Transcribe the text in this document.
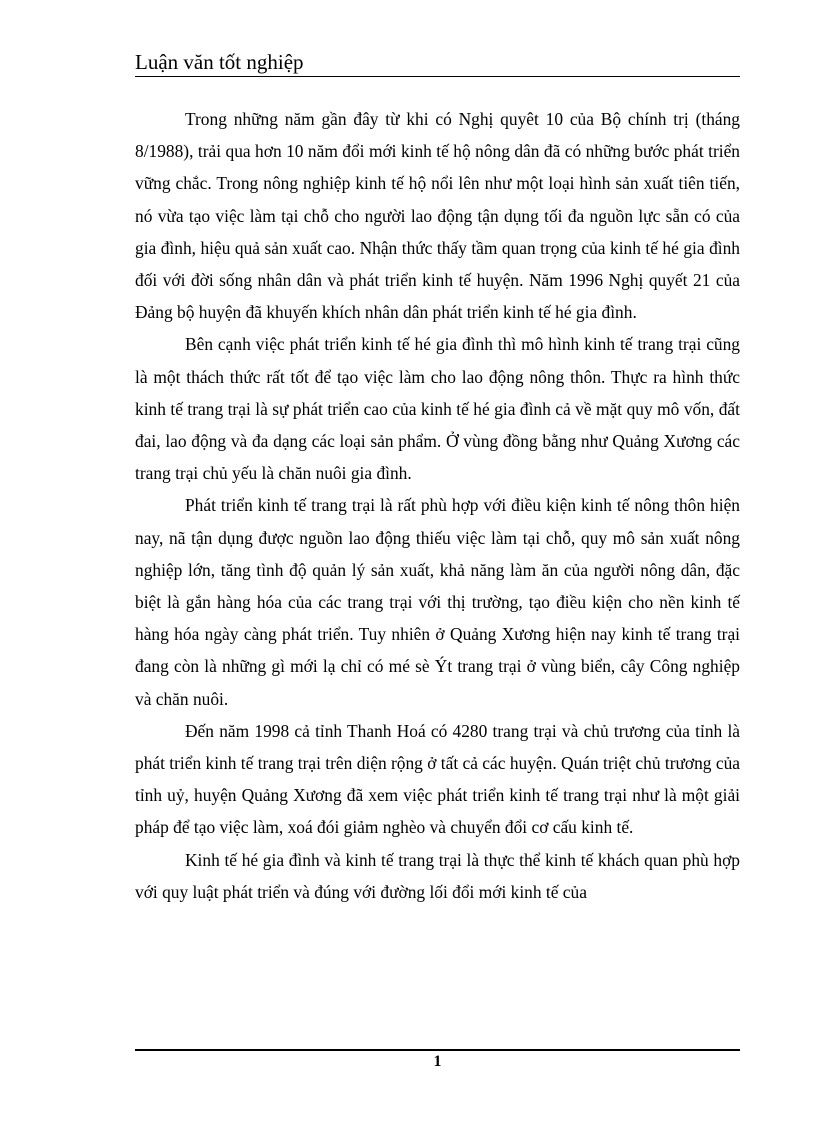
Luận văn tốt nghiệp

Trong những năm gần đây từ khi có Nghị quyêt 10 của Bộ chính trị (tháng 8/1988), trải qua hơn 10 năm đổi mới kinh tế hộ nông dân đã có những bước phát triển vững chắc. Trong nông nghiệp kinh tế hộ nổi lên như một loại hình sản xuất tiên tiến, nó vừa tạo việc làm tại chỗ cho người lao động tận dụng tối đa nguồn lực sẵn có của gia đình, hiệu quả sản xuất cao. Nhận thức thấy tầm quan trọng của kinh tế hé gia đình đối với đời sống nhân dân và phát triển kinh tế huyện. Năm 1996 Nghị quyết 21 của Đảng bộ huyện đã khuyến khích nhân dân phát triển kinh tế hé gia đình.

Bên cạnh việc phát triển kinh tế hé gia đình thì mô hình kinh tế trang trại cũng là một thách thức rất tốt để tạo việc làm cho lao động nông thôn. Thực ra hình thức kinh tế trang trại là sự phát triển cao của kinh tế hé gia đình cả về mặt quy mô vốn, đất đai, lao động và đa dạng các loại sản phẩm. Ở vùng đồng bằng như Quảng Xương các trang trại chủ yếu là chăn nuôi gia đình.

Phát triển kinh tế trang trại là rất phù hợp với điều kiện kinh tế nông thôn hiện nay, nã tận dụng được nguồn lao động thiếu việc làm tại chỗ, quy mô sản xuất nông nghiệp lớn, tăng tình độ quản lý sản xuất, khả năng làm ăn của người nông dân, đặc biệt là gắn hàng hóa của các trang trại với thị trường, tạo điều kiện cho nền kinh tế hàng hóa ngày càng phát triển. Tuy nhiên ở Quảng Xương hiện nay kinh tế trang trại đang còn là những gì mới lạ chỉ có mé sè Ýt trang trại ở vùng biển, cây Công nghiệp và chăn nuôi.

Đến năm 1998 cả tỉnh Thanh Hoá có 4280 trang trại và chủ trương của tỉnh là phát triển kinh tế trang trại trên diện rộng ở tất cả các huyện. Quán triệt chủ trương của tỉnh uỷ, huyện Quảng Xương đã xem việc phát triển kinh tế trang trại như là một giải pháp để tạo việc làm, xoá đói giảm nghèo và chuyển đổi cơ cấu kinh tế.

Kinh tế hé gia đình và kinh tế trang trại là thực thể kinh tế khách quan phù hợp với quy luật phát triển và đúng với đường lối đổi mới kinh tế của

1
